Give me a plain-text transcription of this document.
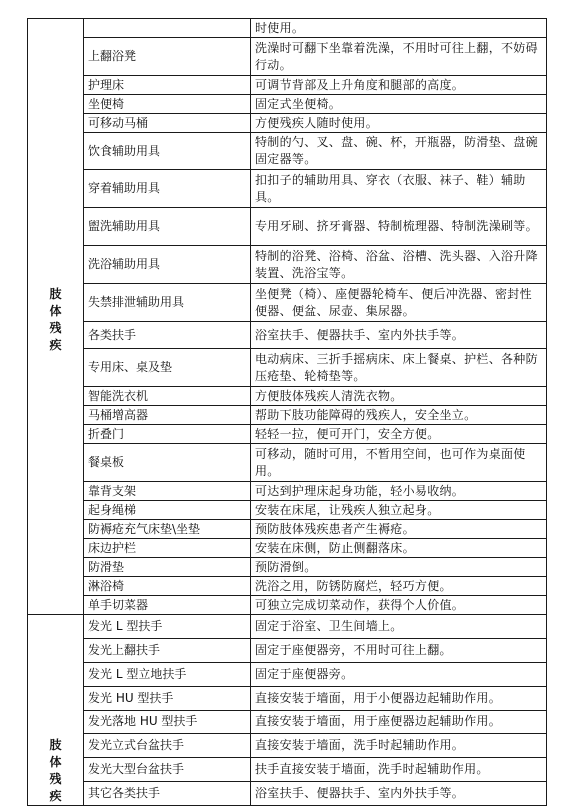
肢
体
残
疾		时使用。
	上翻浴凳	洗澡时可翻下坐靠着洗澡，不用时可往上翻，不妨碍行动。
	护理床	可调节背部及上升角度和腿部的高度。
	坐便椅	固定式坐便椅。
	可移动马桶	方便残疾人随时使用。
	饮食辅助用具	特制的勺、叉、盘、碗、杯，开瓶器，防滑垫、盘碗固定器等。
	穿着辅助用具	扣扣子的辅助用具、穿衣（衣服、袜子、鞋）辅助具。
	盥洗辅助用具	专用牙刷、挤牙膏器、特制梳理器、特制洗澡刷等。
	洗浴辅助用具	特制的浴凳、浴椅、浴盆、浴槽、洗头器、入浴升降装置、洗浴宝等。
	失禁排泄辅助用具	坐便凳（椅）、座便器轮椅车、便后冲洗器、密封性便器、便盆、尿壶、集尿器。
	各类扶手	浴室扶手、便器扶手、室内外扶手等。
	专用床、桌及垫	电动病床、三折手摇病床、床上餐桌、护栏、各种防压疮垫、轮椅垫等。
	智能洗衣机	方便肢体残疾人清洗衣物。
	马桶增高器	帮助下肢功能障碍的残疾人，安全坐立。
	折叠门	轻轻一拉，便可开门，安全方便。
	餐桌板	可移动，随时可用，不暂用空间，也可作为桌面使用。
	靠背支架	可达到护理床起身功能，轻小易收纳。
	起身绳梯	安装在床尾，让残疾人独立起身。
	防褥疮充气床垫\坐垫	预防肢体残疾患者产生褥疮。
	床边护栏	安装在床侧，防止侧翻落床。
	防滑垫	预防滑倒。
	淋浴椅	洗浴之用，防锈防腐烂，轻巧方便。
	单手切菜器	可独立完成切菜动作，获得个人价值。

肢
体
残
疾	发光 L 型扶手	固定于浴室、卫生间墙上。
	发光上翻扶手	固定于座便器旁，不用时可往上翻。
	发光 L 型立地扶手	固定于座便器旁。
	发光 HU 型扶手	直接安装于墙面，用于小便器边起辅助作用。
	发光落地 HU 型扶手	直接安装于墙面，用于座便器边起辅助作用。
	发光立式台盆扶手	直接安装于墙面，洗手时起辅助作用。
	发光大型台盆扶手	扶手直接安装于墙面，洗手时起辅助作用。
	其它各类扶手	浴室扶手、便器扶手、室内外扶手等。
